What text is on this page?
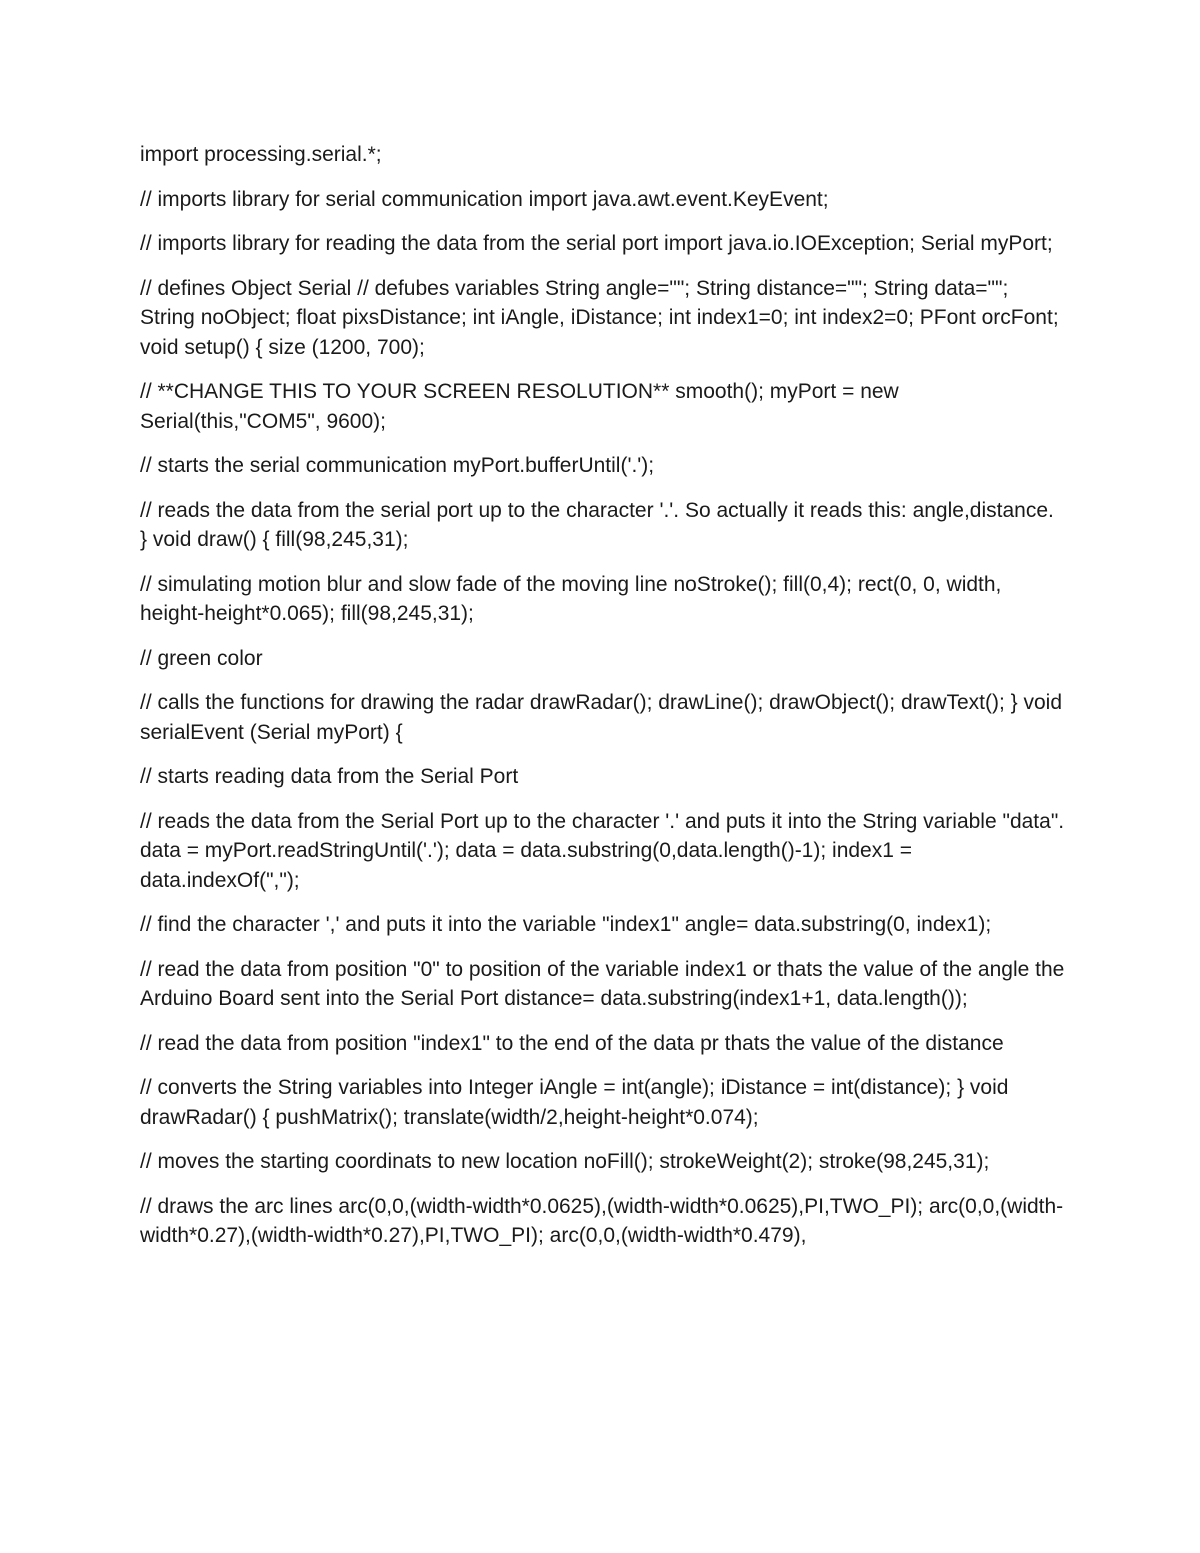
import processing.serial.*;

// imports library for serial communication import java.awt.event.KeyEvent;

// imports library for reading the data from the serial port import java.io.IOException; Serial myPort;

// defines Object Serial // defubes variables String angle=""; String distance=""; String data=""; String noObject; float pixsDistance; int iAngle, iDistance; int index1=0; int index2=0; PFont orcFont; void setup() { size (1200, 700);

// **CHANGE THIS TO YOUR SCREEN RESOLUTION** smooth(); myPort = new Serial(this,"COM5", 9600);

// starts the serial communication myPort.bufferUntil('.');

// reads the data from the serial port up to the character '.'. So actually it reads this: angle,distance. } void draw() { fill(98,245,31);

// simulating motion blur and slow fade of the moving line noStroke(); fill(0,4); rect(0, 0, width, height-height*0.065); fill(98,245,31);

// green color

// calls the functions for drawing the radar drawRadar(); drawLine(); drawObject(); drawText(); } void serialEvent (Serial myPort) {

// starts reading data from the Serial Port

// reads the data from the Serial Port up to the character '.' and puts it into the String variable "data". data = myPort.readStringUntil('.'); data = data.substring(0,data.length()-1); index1 = data.indexOf(",");

// find the character ',' and puts it into the variable "index1" angle= data.substring(0, index1);

// read the data from position "0" to position of the variable index1 or thats the value of the angle the Arduino Board sent into the Serial Port distance= data.substring(index1+1, data.length());

// read the data from position "index1" to the end of the data pr thats the value of the distance

// converts the String variables into Integer iAngle = int(angle); iDistance = int(distance); } void drawRadar() { pushMatrix(); translate(width/2,height-height*0.074);

// moves the starting coordinats to new location noFill(); strokeWeight(2); stroke(98,245,31);

// draws the arc lines arc(0,0,(width-width*0.0625),(width-width*0.0625),PI,TWO_PI); arc(0,0,(width-width*0.27),(width-width*0.27),PI,TWO_PI); arc(0,0,(width-width*0.479),
